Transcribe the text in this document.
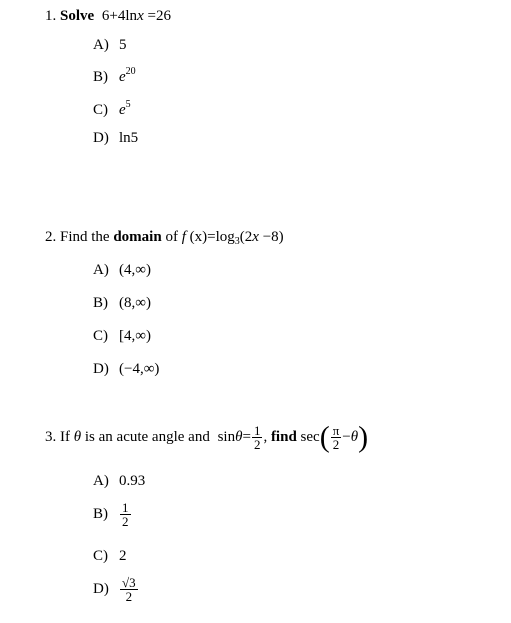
1. Solve 6+4lnx =26
A) 5
B) $e^{20}$
C) $e^5$
D) ln5
2. Find the domain of f $(x)=\log_3(2x -8)$
A) (4,∞)
B) (8,∞)
C) [4,∞)
D) (−4,∞)
3. If θ is an acute angle and $\sin\theta= \frac{1}{2}$ , find $\sec( \frac{\pi}{2} -\theta)$
A) 0.93
$B) \frac{1}{2}$
C) 2
$D) \frac{√3}{2}$
